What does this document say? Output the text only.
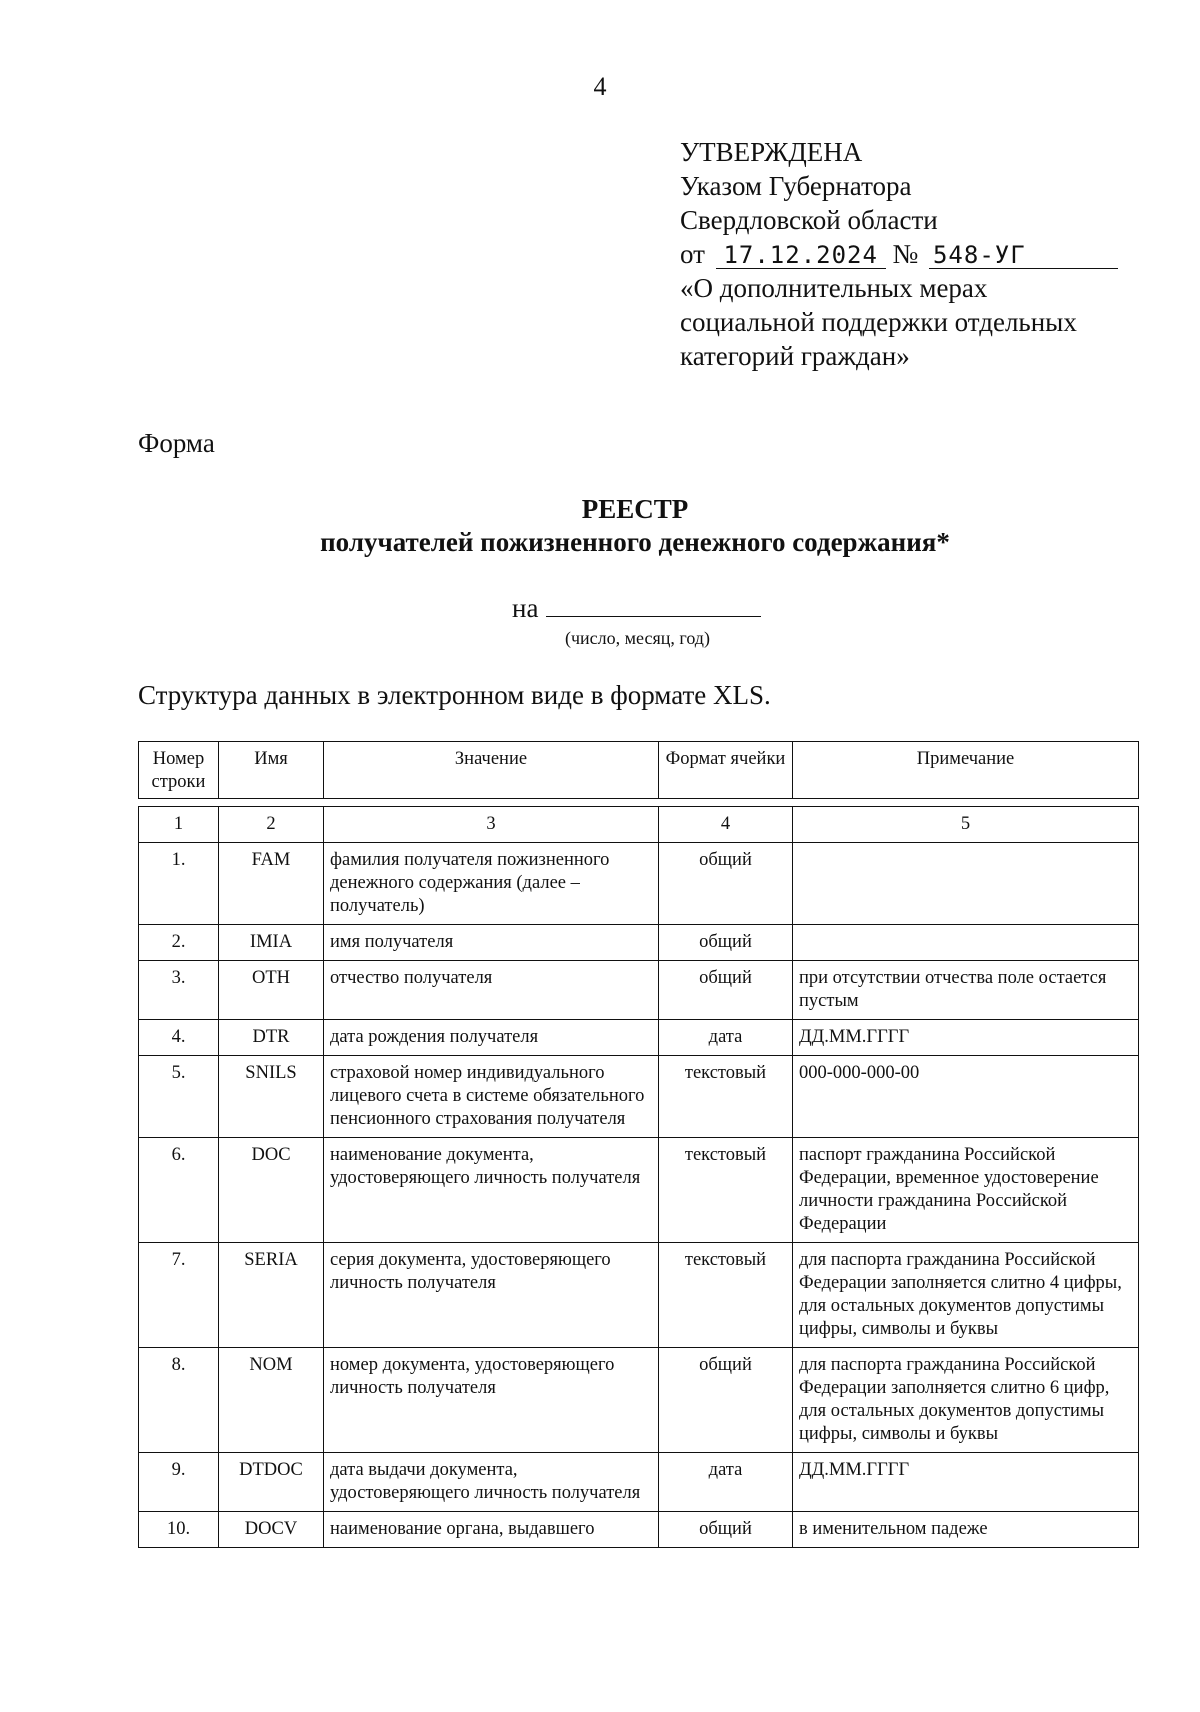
4
УТВЕРЖДЕНА
Указом Губернатора
Свердловской области
от 17.12.2024 № 548-УГ
«О дополнительных мерах
социальной поддержки отдельных
категорий граждан»
Форма
РЕЕСТР
получателей пожизненного денежного содержания*
на
(число, месяц, год)
Структура данных в электронном виде в формате XLS.
Номер строки	Имя	Значение	Формат ячейки	Примечание
1	2	3	4	5
1.	FAM	фамилия получателя пожизненного денежного содержания (далее – получатель)	общий	
2.	IMIA	имя получателя	общий	
3.	OTH	отчество получателя	общий	при отсутствии отчества поле остается пустым
4.	DTR	дата рождения получателя	дата	ДД.ММ.ГГГГ
5.	SNILS	страховой номер индивидуального лицевого счета в системе обязательного пенсионного страхования получателя	текстовый	000-000-000-00
6.	DOC	наименование документа, удостоверяющего личность получателя	текстовый	паспорт гражданина Российской Федерации, временное удостоверение личности гражданина Российской Федерации
7.	SERIA	серия документа, удостоверяющего личность получателя	текстовый	для паспорта гражданина Российской Федерации заполняется слитно 4 цифры, для остальных документов допустимы цифры, символы и буквы
8.	NOM	номер документа, удостоверяющего личность получателя	общий	для паспорта гражданина Российской Федерации заполняется слитно 6 цифр, для остальных документов допустимы цифры, символы и буквы
9.	DTDOC	дата выдачи документа, удостоверяющего личность получателя	дата	ДД.ММ.ГГГГ
10.	DOCV	наименование органа, выдавшего	общий	в именительном падеже
